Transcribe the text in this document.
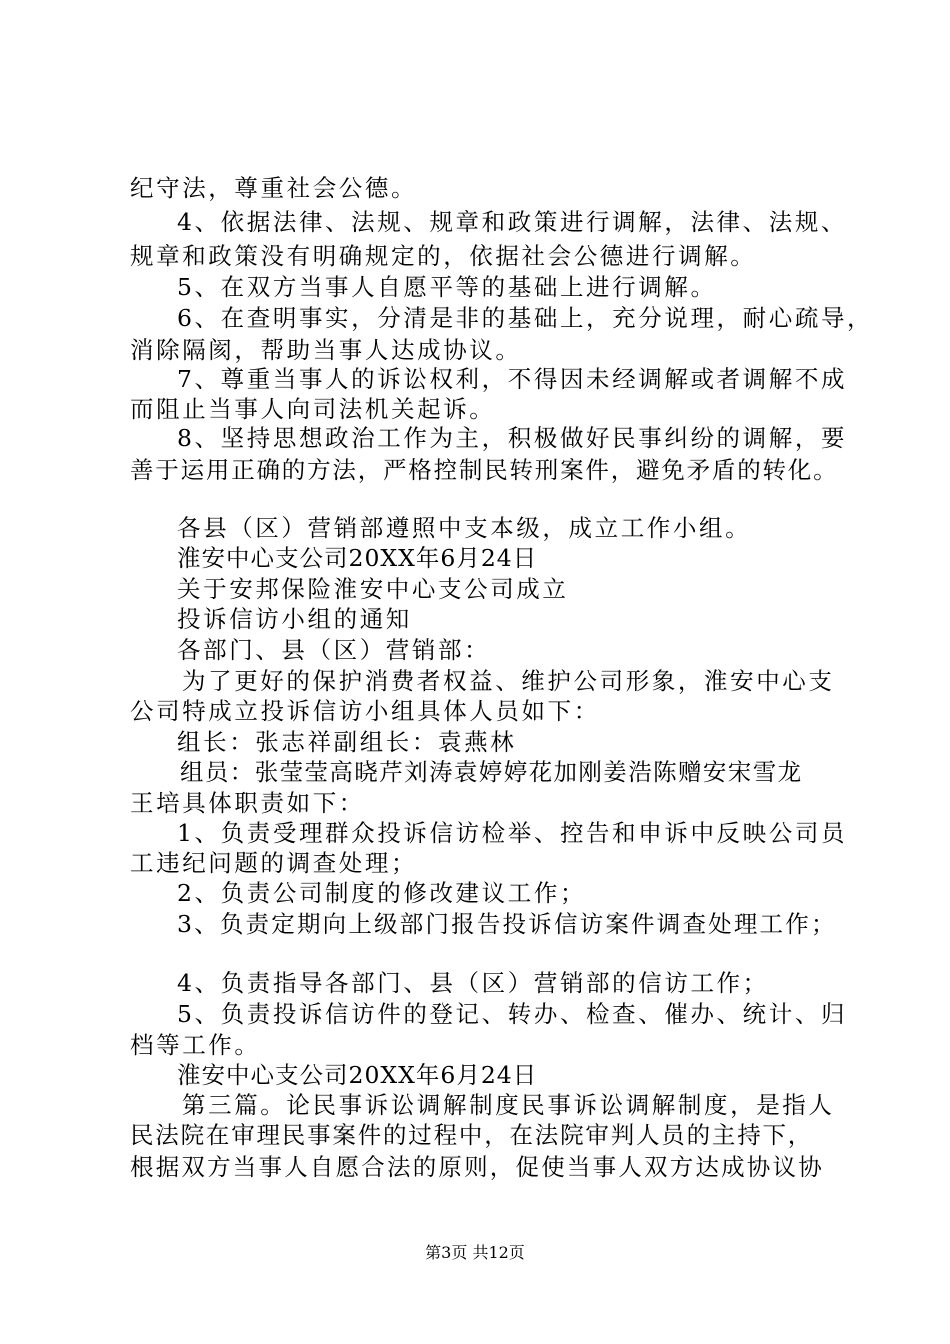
纪守法，尊重社会公德。
4、依据法律、法规、规章和政策进行调解，法律、法规、
规章和政策没有明确规定的，依据社会公德进行调解。
5、在双方当事人自愿平等的基础上进行调解。
6、在查明事实，分清是非的基础上，充分说理，耐心疏导，
消除隔阂，帮助当事人达成协议。
7、尊重当事人的诉讼权利，不得因未经调解或者调解不成
而阻止当事人向司法机关起诉。
8、坚持思想政治工作为主，积极做好民事纠纷的调解，要
善于运用正确的方法，严格控制民转刑案件，避免矛盾的转化。
各县（区）营销部遵照中支本级，成立工作小组。
淮安中心支公司20XX年6月24日
关于安邦保险淮安中心支公司成立
投诉信访小组的通知
各部门、县（区）营销部：
为了更好的保护消费者权益、维护公司形象，淮安中心支
公司特成立投诉信访小组具体人员如下：
组长：张志祥副组长：袁燕林
组员：张莹莹高晓芹刘涛袁婷婷花加刚姜浩陈赠安宋雪龙
王培具体职责如下：
1、负责受理群众投诉信访检举、控告和申诉中反映公司员
工违纪问题的调查处理；
2、负责公司制度的修改建议工作；
3、负责定期向上级部门报告投诉信访案件调查处理工作；
4、负责指导各部门、县（区）营销部的信访工作；
5、负责投诉信访件的登记、转办、检查、催办、统计、归
档等工作。
淮安中心支公司20XX年6月24日
第三篇。论民事诉讼调解制度民事诉讼调解制度，是指人
民法院在审理民事案件的过程中，在法院审判人员的主持下，
根据双方当事人自愿合法的原则，促使当事人双方达成协议协
第3页 共12页
